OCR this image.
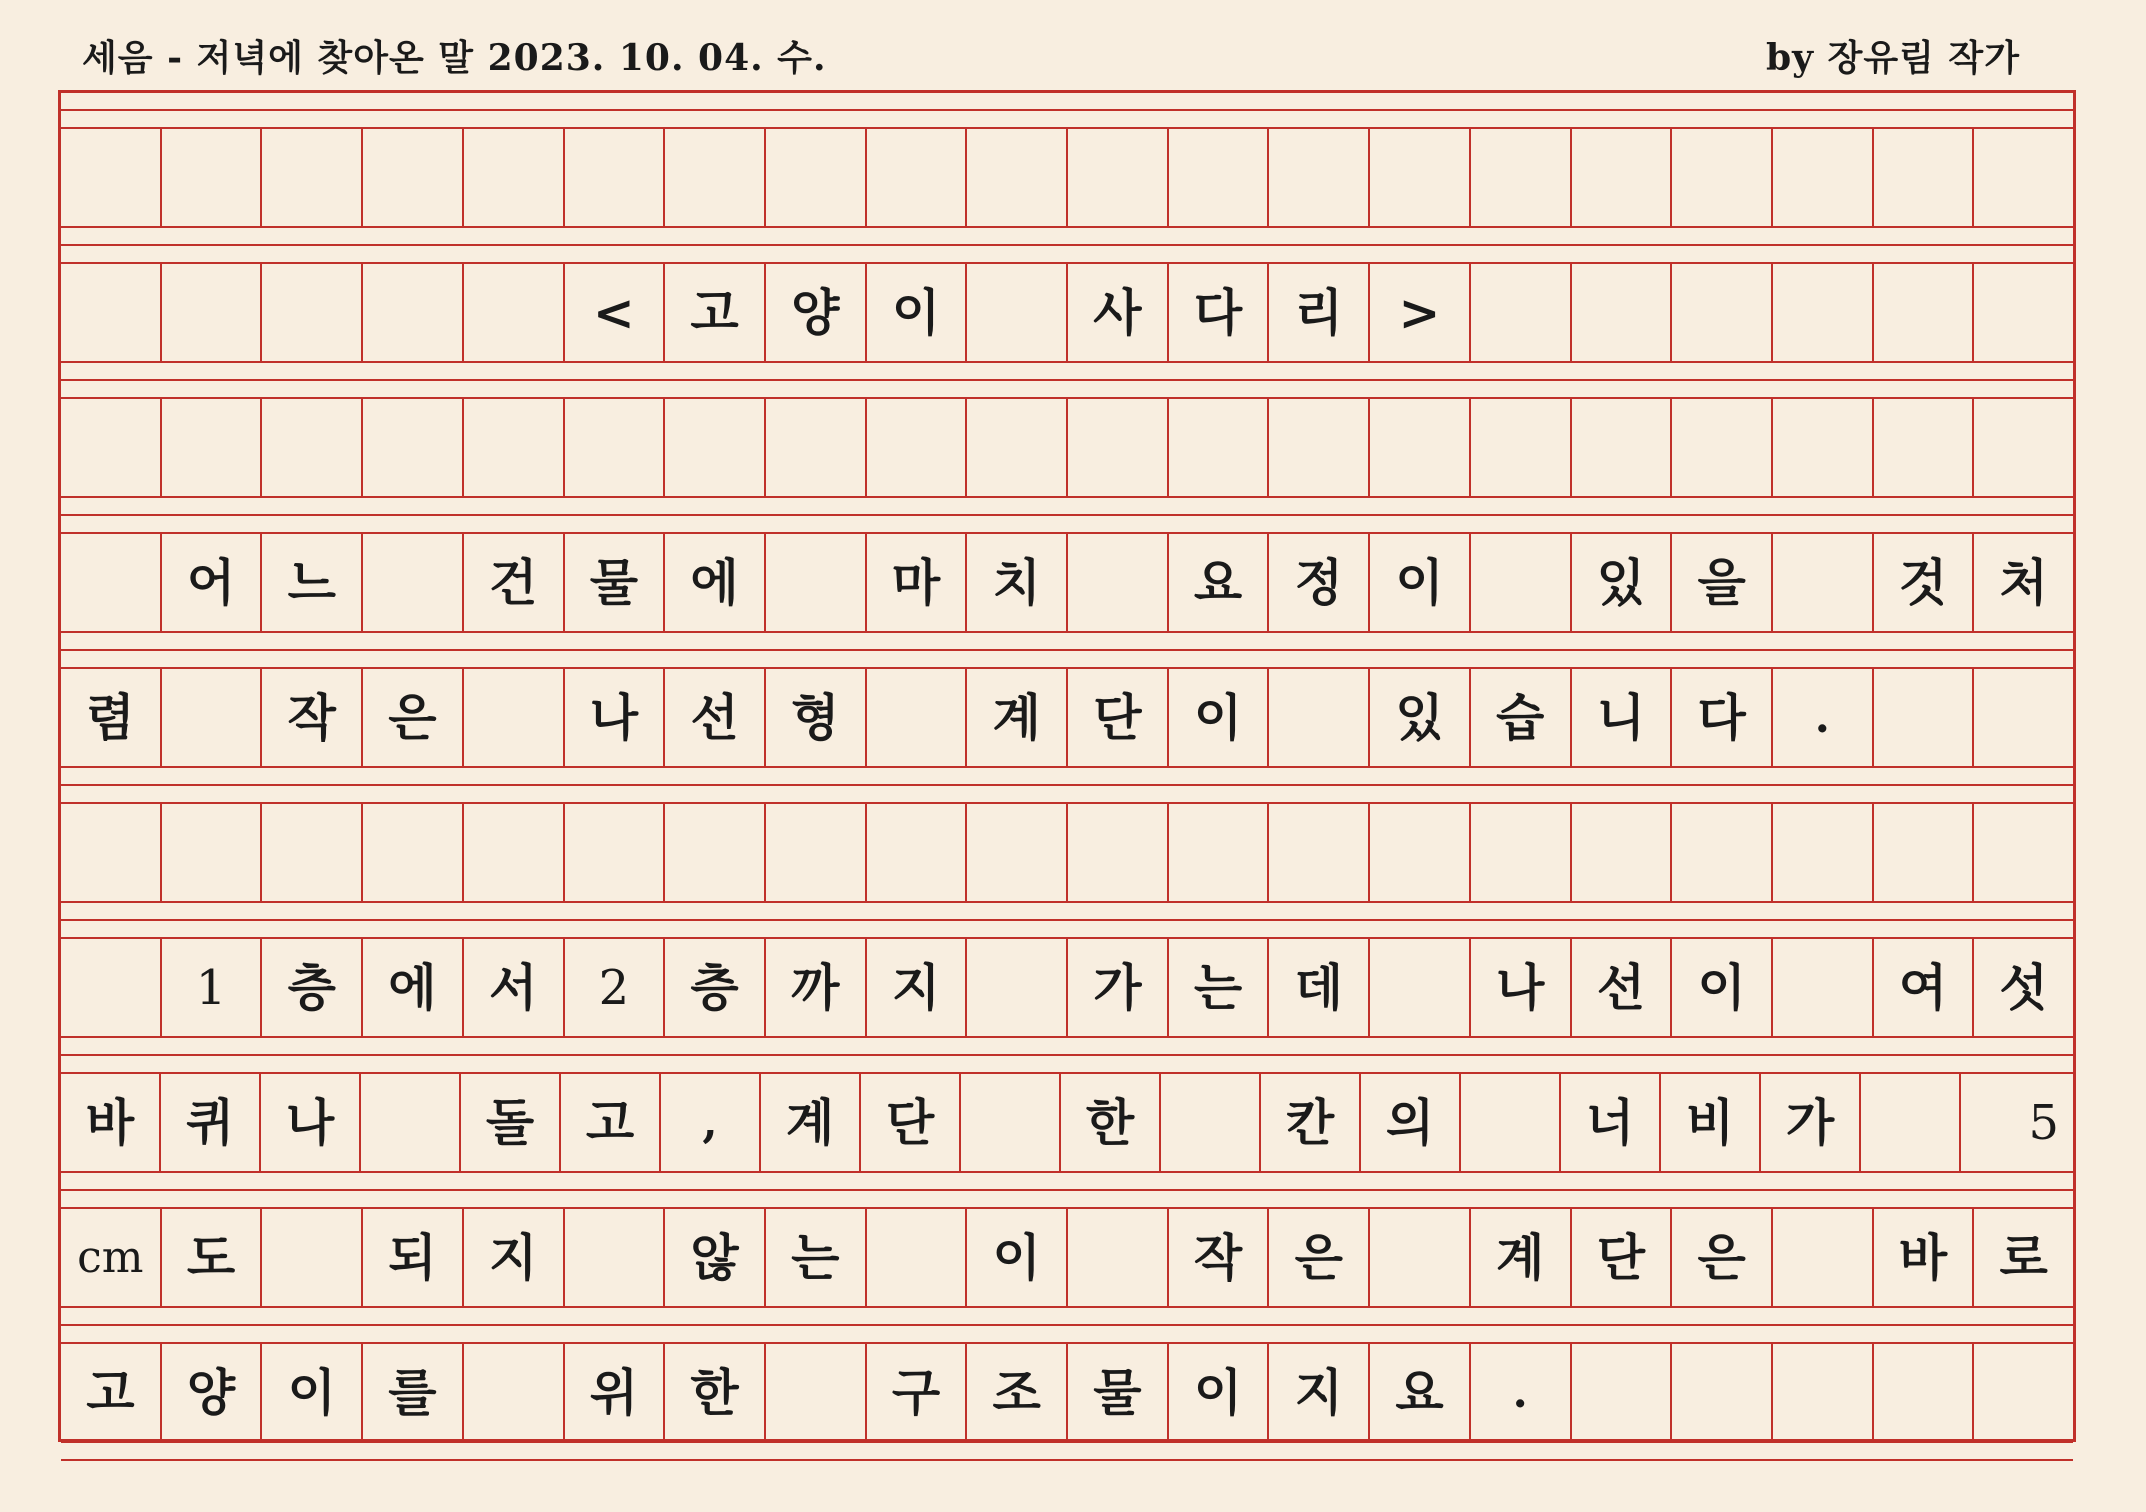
세음 - 저녁에 찾아온 말 2023. 10. 04. 수.	by 장유림 작가
<	고	양	이	사	다	리	>
어	느	건	물	에	마	치	요	정	이	있	을	것	처
렴	작	은	나	선	형	계	단	이	있	습	니	다	.
1	층	에	서	2	층	까	지	가	는	데	나	선	이	여	섯
바	퀴	나	돌	고	,	계	단	한	칸	의	너	비	가	5
cm 도	되	지	않	는	이	작	은	계	단	은	바	로
고	양	이	를	위	한	구	조	물	이	지	요	.
